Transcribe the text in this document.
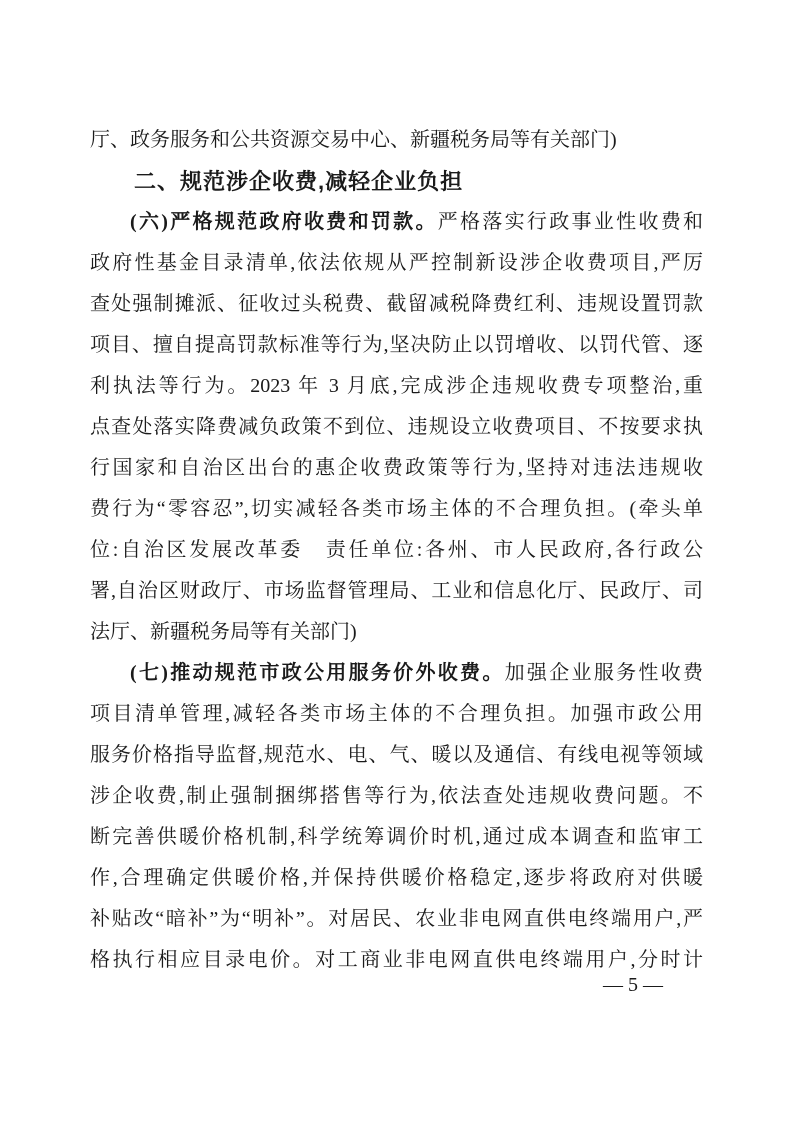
厅、政务服务和公共资源交易中心、新疆税务局等有关部门)
二、规范涉企收费,减轻企业负担
(六)严格规范政府收费和罚款。严格落实行政事业性收费和
政府性基金目录清单,依法依规从严控制新设涉企收费项目,严厉
查处强制摊派、征收过头税费、截留减税降费红利、违规设置罚款
项目、擅自提高罚款标准等行为,坚决防止以罚增收、以罚代管、逐
利执法等行为。2023 年 3 月底,完成涉企违规收费专项整治,重
点查处落实降费减负政策不到位、违规设立收费项目、不按要求执
行国家和自治区出台的惠企收费政策等行为,坚持对违法违规收
费行为“零容忍”,切实减轻各类市场主体的不合理负担。(牵头单
位:自治区发展改革委　责任单位:各州、市人民政府,各行政公
署,自治区财政厅、市场监督管理局、工业和信息化厅、民政厅、司
法厅、新疆税务局等有关部门)
(七)推动规范市政公用服务价外收费。加强企业服务性收费
项目清单管理,减轻各类市场主体的不合理负担。加强市政公用
服务价格指导监督,规范水、电、气、暖以及通信、有线电视等领域
涉企收费,制止强制捆绑搭售等行为,依法查处违规收费问题。不
断完善供暖价格机制,科学统筹调价时机,通过成本调查和监审工
作,合理确定供暖价格,并保持供暖价格稳定,逐步将政府对供暖
补贴改“暗补”为“明补”。对居民、农业非电网直供电终端用户,严
格执行相应目录电价。对工商业非电网直供电终端用户,分时计
— 5 —
